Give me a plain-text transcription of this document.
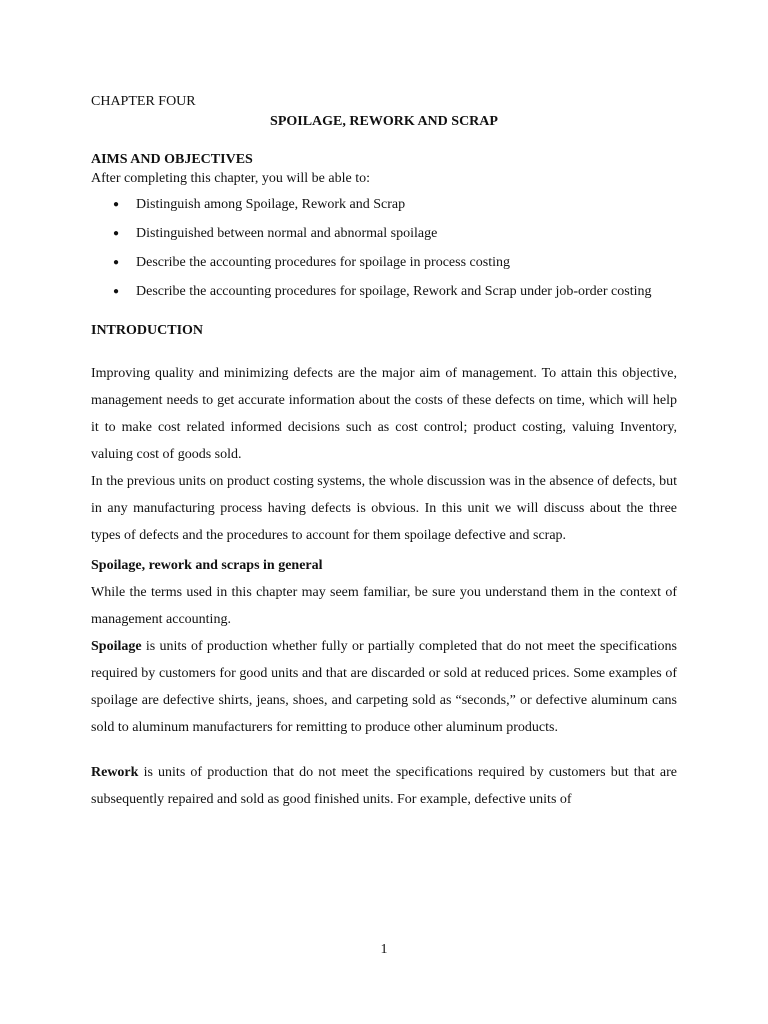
CHAPTER FOUR
SPOILAGE, REWORK AND SCRAP
AIMS AND OBJECTIVES
After completing this chapter, you will be able to:
● Distinguish among Spoilage, Rework and Scrap
● Distinguished between normal and abnormal spoilage
● Describe the accounting procedures for spoilage in process costing
● Describe the accounting procedures for spoilage, Rework and Scrap under job-order costing
INTRODUCTION

Improving quality and minimizing defects are the major aim of management. To attain this objective, management needs to get accurate information about the costs of these defects on time, which will help it to make cost related informed decisions such as cost control; product costing, valuing Inventory, valuing cost of goods sold.

In the previous units on product costing systems, the whole discussion was in the absence of defects, but in any manufacturing process having defects is obvious. In this unit we will discuss about the three types of defects and the procedures to account for them spoilage defective and scrap.

Spoilage, rework and scraps in general

While the terms used in this chapter may seem familiar, be sure you understand them in the context of management accounting.

Spoilage is units of production whether fully or partially completed that do not meet the specifications required by customers for good units and that are discarded or sold at reduced prices. Some examples of spoilage are defective shirts, jeans, shoes, and carpeting sold as “seconds,” or defective aluminum cans sold to aluminum manufacturers for remitting to produce other aluminum products.

Rework is units of production that do not meet the specifications required by customers but that are subsequently repaired and sold as good finished units. For example, defective units of

1
